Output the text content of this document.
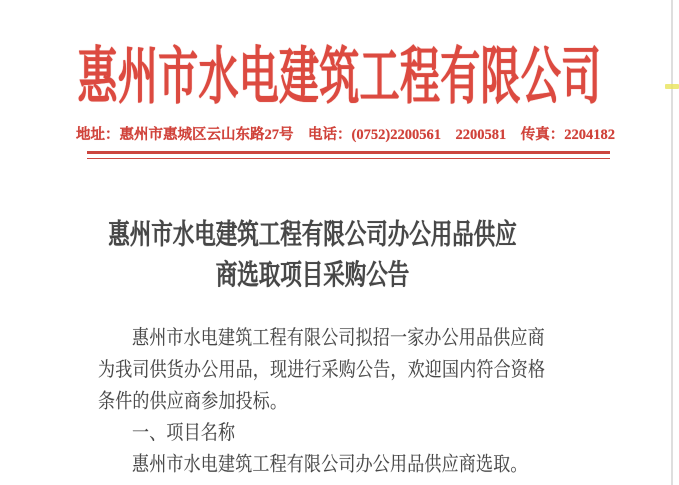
惠州市水电建筑工程有限公司
地址：惠州市惠城区云山东路27号　电话：(0752)2200561　2200581　传真：2204182
惠州市水电建筑工程有限公司办公用品供应
商选取项目采购公告
惠州市水电建筑工程有限公司拟招一家办公用品供应商
为我司供货办公用品，现进行采购公告，欢迎国内符合资格
条件的供应商参加投标。
一、项目名称
惠州市水电建筑工程有限公司办公用品供应商选取。
